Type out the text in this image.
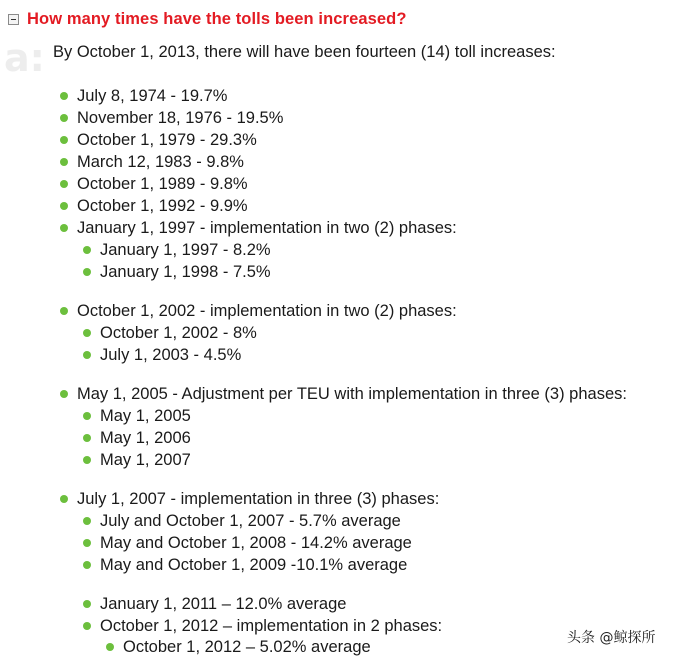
How many times have the tolls been increased?
a: By October 1, 2013, there will have been fourteen (14) toll increases:
July 8, 1974 - 19.7%
November 18, 1976 - 19.5%
October 1, 1979 - 29.3%
March 12, 1983 - 9.8%
October 1, 1989 - 9.8%
October 1, 1992 - 9.9%
January 1, 1997 - implementation in two (2) phases:
January 1, 1997 - 8.2%
January 1, 1998 - 7.5%
October 1, 2002 - implementation in two (2) phases:
October 1, 2002 - 8%
July 1, 2003 - 4.5%
May 1, 2005 - Adjustment per TEU with implementation in three (3) phases:
May 1, 2005
May 1, 2006
May 1, 2007
July 1, 2007 - implementation in three (3) phases:
July and October 1, 2007 - 5.7% average
May and October 1, 2008 - 14.2% average
May and October 1, 2009 -10.1% average
January 1, 2011 – 12.0% average
October 1, 2012 – implementation in 2 phases:
October 1, 2012 – 5.02% average	头条 @鲸探所
